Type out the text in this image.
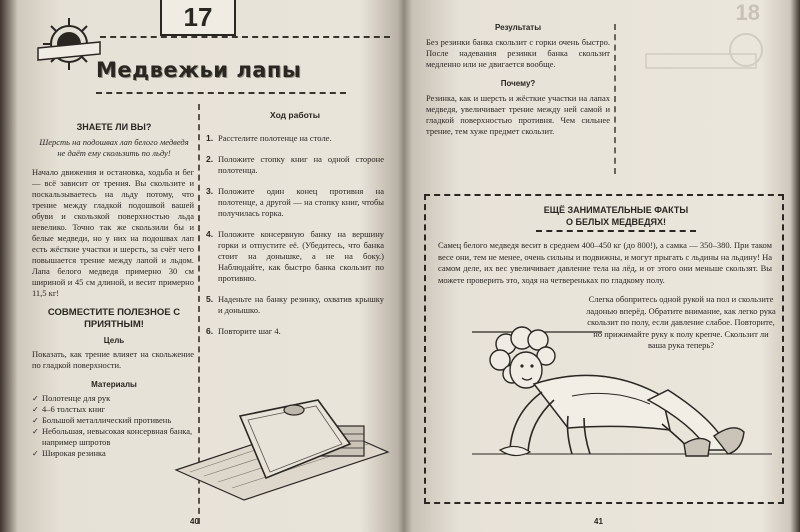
17
Медвежьи лапы
ЗНАЕТЕ ЛИ ВЫ?
Шерсть на подошвах лап белого медведя не даёт ему скользить по льду!
Начало движения и остановка, ходьба и бег — всё зависит от трения. Вы скользите и поскальзываетесь на льду потому, что трение между гладкой подошвой вашей обуви и скользкой поверхностью льда невелико. Точно так же скользили бы и белые медведи, но у них на подошвах лап есть жёсткие участки и шерсть, за счёт чего повышается трение между лапой и льдом. Лапа белого медведя примерно 30 см шириной и 45 см длиной, и весит примерно 11,5 кг!
СОВМЕСТИТЕ ПОЛЕЗНОЕ С ПРИЯТНЫМ!
Цель
Показать, как трение влияет на скольжение по гладкой поверхности.
Материалы
✓ Полотенце для рук
✓ 4–6 толстых книг
✓ Большой металлический противень
✓ Небольшая, невысокая консервная банка, например шпротов
✓ Широкая резинка
Ход работы
1. Расстелите полотенце на столе.
2. Положите стопку книг на одной стороне полотенца.
3. Положите один конец противня на полотенце, а другой — на стопку книг, чтобы получилась горка.
4. Положите консервную банку на вершину горки и отпустите её. (Убедитесь, что банка стоит на донышке, а не на боку.) Наблюдайте, как быстро банка скользит по противню.
5. Наденьте на банку резинку, охватив крышку и донышко.
6. Повторите шаг 4.
40
Результаты
Без резинки банка скользит с горки очень быстро. После надевания резинки банка скользит медленно или не двигается вообще.
Почему?
Резинка, как и шерсть и жёсткие участки на лапах медведя, увеличивает трение между ней самой и гладкой поверхностью противня. Чем сильнее трение, тем хуже предмет скользит.
ЕЩЁ ЗАНИМАТЕЛЬНЫЕ ФАКТЫ
О БЕЛЫХ МЕДВЕДЯХ!
Самец белого медведя весит в среднем 400–450 кг (до 800!), а самка — 350–380. При таком весе они, тем не менее, очень сильны и подвижны, и могут прыгать с льдины на льдину! На самом деле, их вес увеличивает давление тела на лёд, и от этого они меньше скользят. Вы можете проверить это, ходя на четвереньках по гладкому полу.
Слегка обопритесь одной рукой на пол и скользите ладонью вперёд. Обратите внимание, как легко рука скользит по полу, если давление слабое. Повторите, но прижимайте руку к полу крепче. Скользит ли ваша рука теперь?
18
41
